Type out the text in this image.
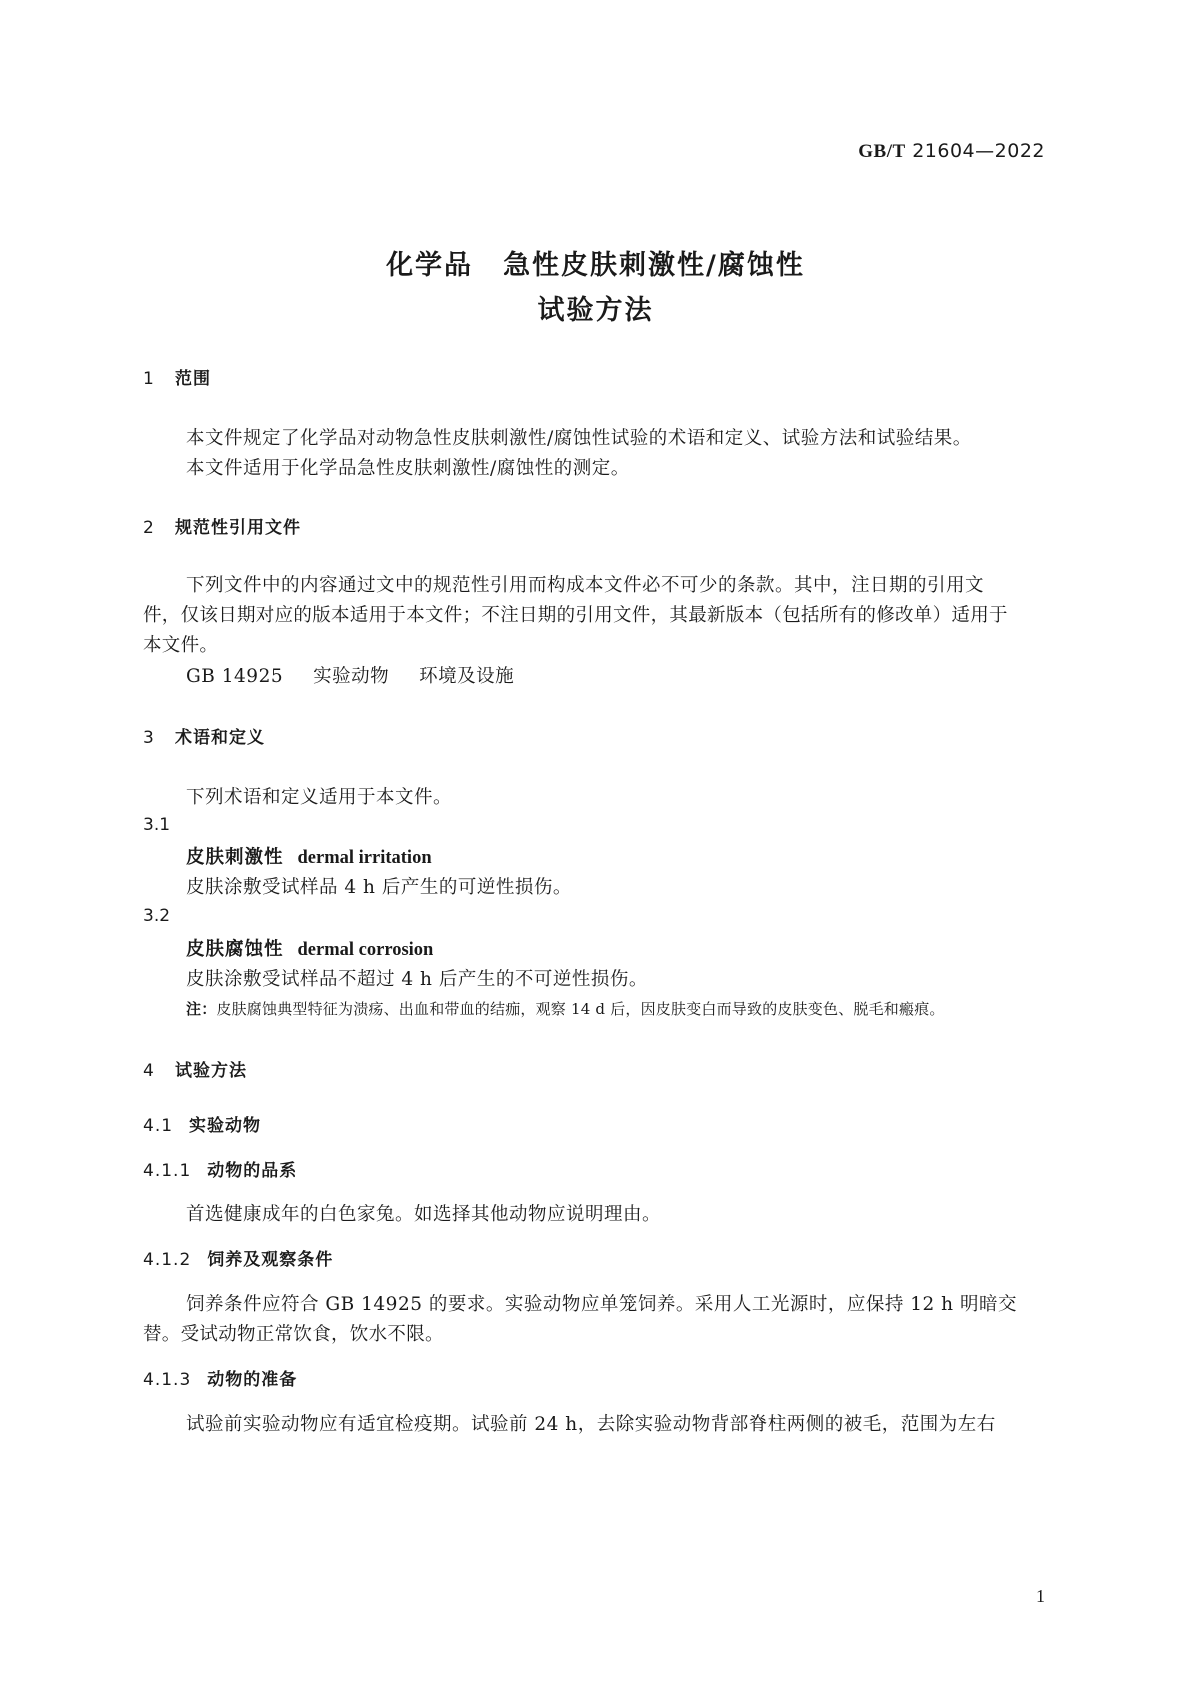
GB/T 21604—2022
化学品 急性皮肤刺激性/腐蚀性
试验方法
1 范围
本文件规定了化学品对动物急性皮肤刺激性/腐蚀性试验的术语和定义、试验方法和试验结果。
本文件适用于化学品急性皮肤刺激性/腐蚀性的测定。
2 规范性引用文件
下列文件中的内容通过文中的规范性引用而构成本文件必不可少的条款。其中，注日期的引用文
件，仅该日期对应的版本适用于本文件；不注日期的引用文件，其最新版本（包括所有的修改单）适用于
本文件。
GB 14925 实验动物 环境及设施
3 术语和定义
下列术语和定义适用于本文件。
3.1
皮肤刺激性 dermal irritation
皮肤涂敷受试样品 4 h 后产生的可逆性损伤。
3.2
皮肤腐蚀性 dermal corrosion
皮肤涂敷受试样品不超过 4 h 后产生的不可逆性损伤。
注：皮肤腐蚀典型特征为溃疡、出血和带血的结痂，观察 14 d 后，因皮肤变白而导致的皮肤变色、脱毛和瘢痕。
4 试验方法
4.1 实验动物
4.1.1 动物的品系
首选健康成年的白色家兔。如选择其他动物应说明理由。
4.1.2 饲养及观察条件
饲养条件应符合 GB 14925 的要求。实验动物应单笼饲养。采用人工光源时，应保持 12 h 明暗交
替。受试动物正常饮食，饮水不限。
4.1.3 动物的准备
试验前实验动物应有适宜检疫期。试验前 24 h，去除实验动物背部脊柱两侧的被毛，范围为左右
1
